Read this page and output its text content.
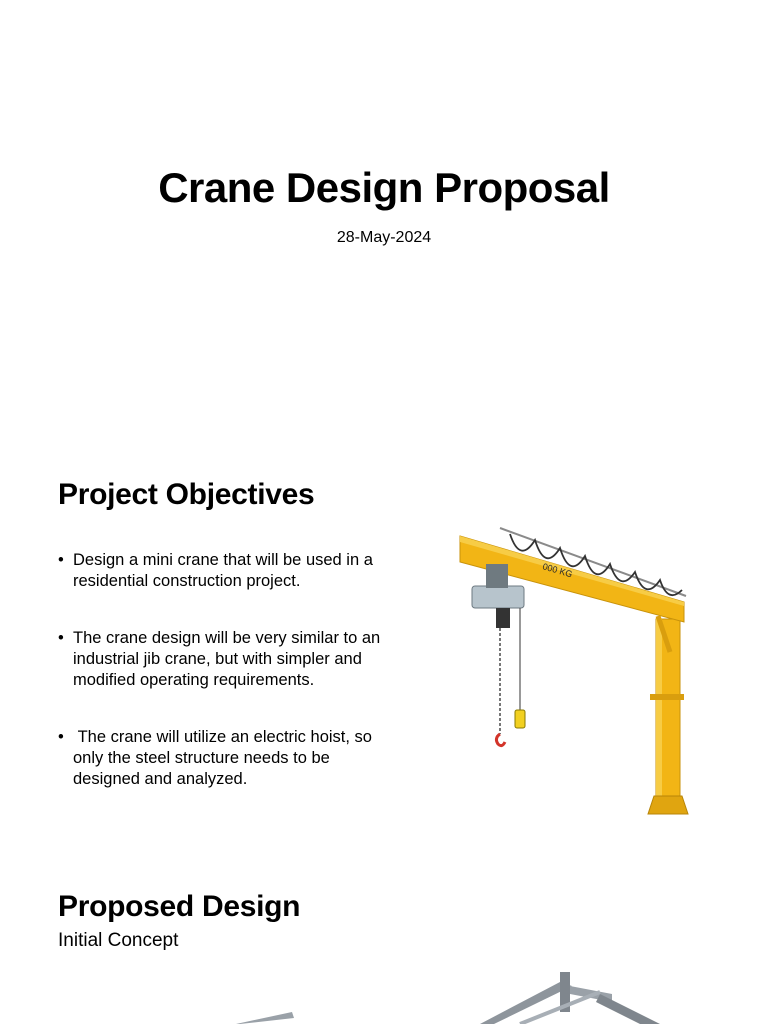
Crane Design Proposal
28-May-2024
Project Objectives
• Design a mini crane that will be used in a residential construction project.
• The crane design will be very similar to an industrial jib crane, but with simpler and modified operating requirements.
•  The crane will utilize an electric hoist, so only the steel structure needs to be designed and analyzed.
000 KG
Proposed Design
Initial Concept
